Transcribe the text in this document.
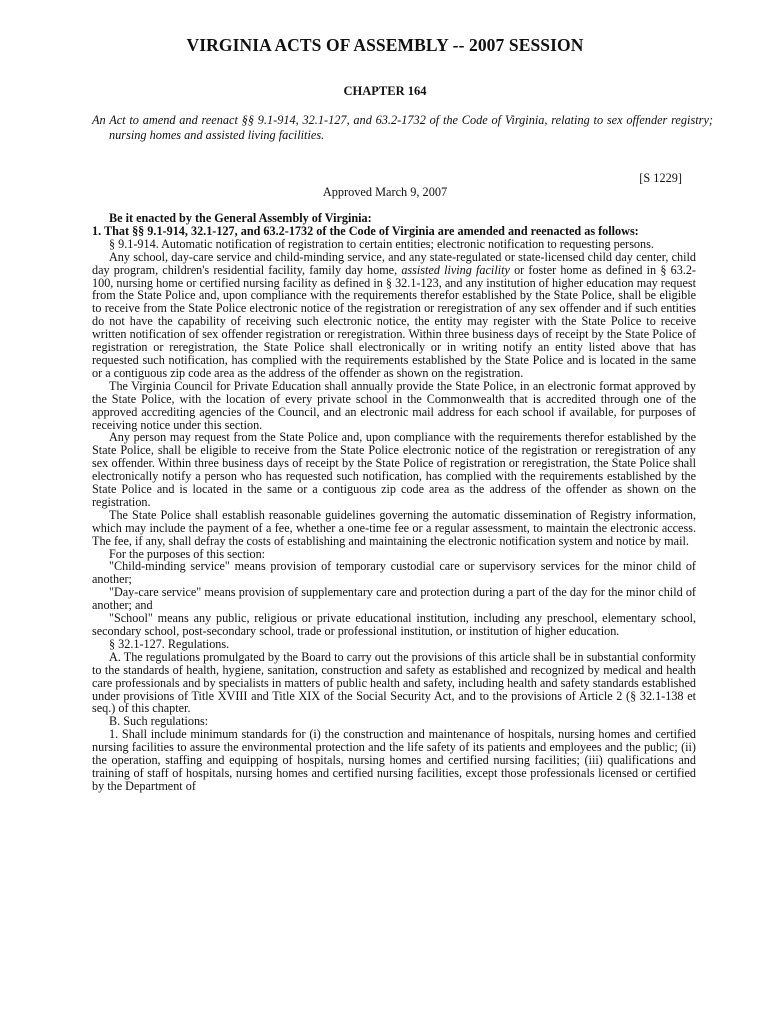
VIRGINIA ACTS OF ASSEMBLY -- 2007 SESSION
CHAPTER 164
An Act to amend and reenact §§ 9.1-914, 32.1-127, and 63.2-1732 of the Code of Virginia, relating to sex offender registry; nursing homes and assisted living facilities.
[S 1229]
Approved March 9, 2007

Be it enacted by the General Assembly of Virginia:

1. That §§ 9.1-914, 32.1-127, and 63.2-1732 of the Code of Virginia are amended and reenacted as follows:

§ 9.1-914. Automatic notification of registration to certain entities; electronic notification to requesting persons.

Any school, day-care service and child-minding service, and any state-regulated or state-licensed child day center, child day program, children's residential facility, family day home, assisted living facility or foster home as defined in § 63.2-100, nursing home or certified nursing facility as defined in § 32.1-123, and any institution of higher education may request from the State Police and, upon compliance with the requirements therefor established by the State Police, shall be eligible to receive from the State Police electronic notice of the registration or reregistration of any sex offender and if such entities do not have the capability of receiving such electronic notice, the entity may register with the State Police to receive written notification of sex offender registration or reregistration. Within three business days of receipt by the State Police of registration or reregistration, the State Police shall electronically or in writing notify an entity listed above that has requested such notification, has complied with the requirements established by the State Police and is located in the same or a contiguous zip code area as the address of the offender as shown on the registration.

The Virginia Council for Private Education shall annually provide the State Police, in an electronic format approved by the State Police, with the location of every private school in the Commonwealth that is accredited through one of the approved accrediting agencies of the Council, and an electronic mail address for each school if available, for purposes of receiving notice under this section.

Any person may request from the State Police and, upon compliance with the requirements therefor established by the State Police, shall be eligible to receive from the State Police electronic notice of the registration or reregistration of any sex offender. Within three business days of receipt by the State Police of registration or reregistration, the State Police shall electronically notify a person who has requested such notification, has complied with the requirements established by the State Police and is located in the same or a contiguous zip code area as the address of the offender as shown on the registration.

The State Police shall establish reasonable guidelines governing the automatic dissemination of Registry information, which may include the payment of a fee, whether a one-time fee or a regular assessment, to maintain the electronic access. The fee, if any, shall defray the costs of establishing and maintaining the electronic notification system and notice by mail.

For the purposes of this section:

"Child-minding service" means provision of temporary custodial care or supervisory services for the minor child of another;

"Day-care service" means provision of supplementary care and protection during a part of the day for the minor child of another; and

"School" means any public, religious or private educational institution, including any preschool, elementary school, secondary school, post-secondary school, trade or professional institution, or institution of higher education.

§ 32.1-127. Regulations.

A. The regulations promulgated by the Board to carry out the provisions of this article shall be in substantial conformity to the standards of health, hygiene, sanitation, construction and safety as established and recognized by medical and health care professionals and by specialists in matters of public health and safety, including health and safety standards established under provisions of Title XVIII and Title XIX of the Social Security Act, and to the provisions of Article 2 (§ 32.1-138 et seq.) of this chapter.

B. Such regulations:

1. Shall include minimum standards for (i) the construction and maintenance of hospitals, nursing homes and certified nursing facilities to assure the environmental protection and the life safety of its patients and employees and the public; (ii) the operation, staffing and equipping of hospitals, nursing homes and certified nursing facilities; (iii) qualifications and training of staff of hospitals, nursing homes and certified nursing facilities, except those professionals licensed or certified by the Department of
